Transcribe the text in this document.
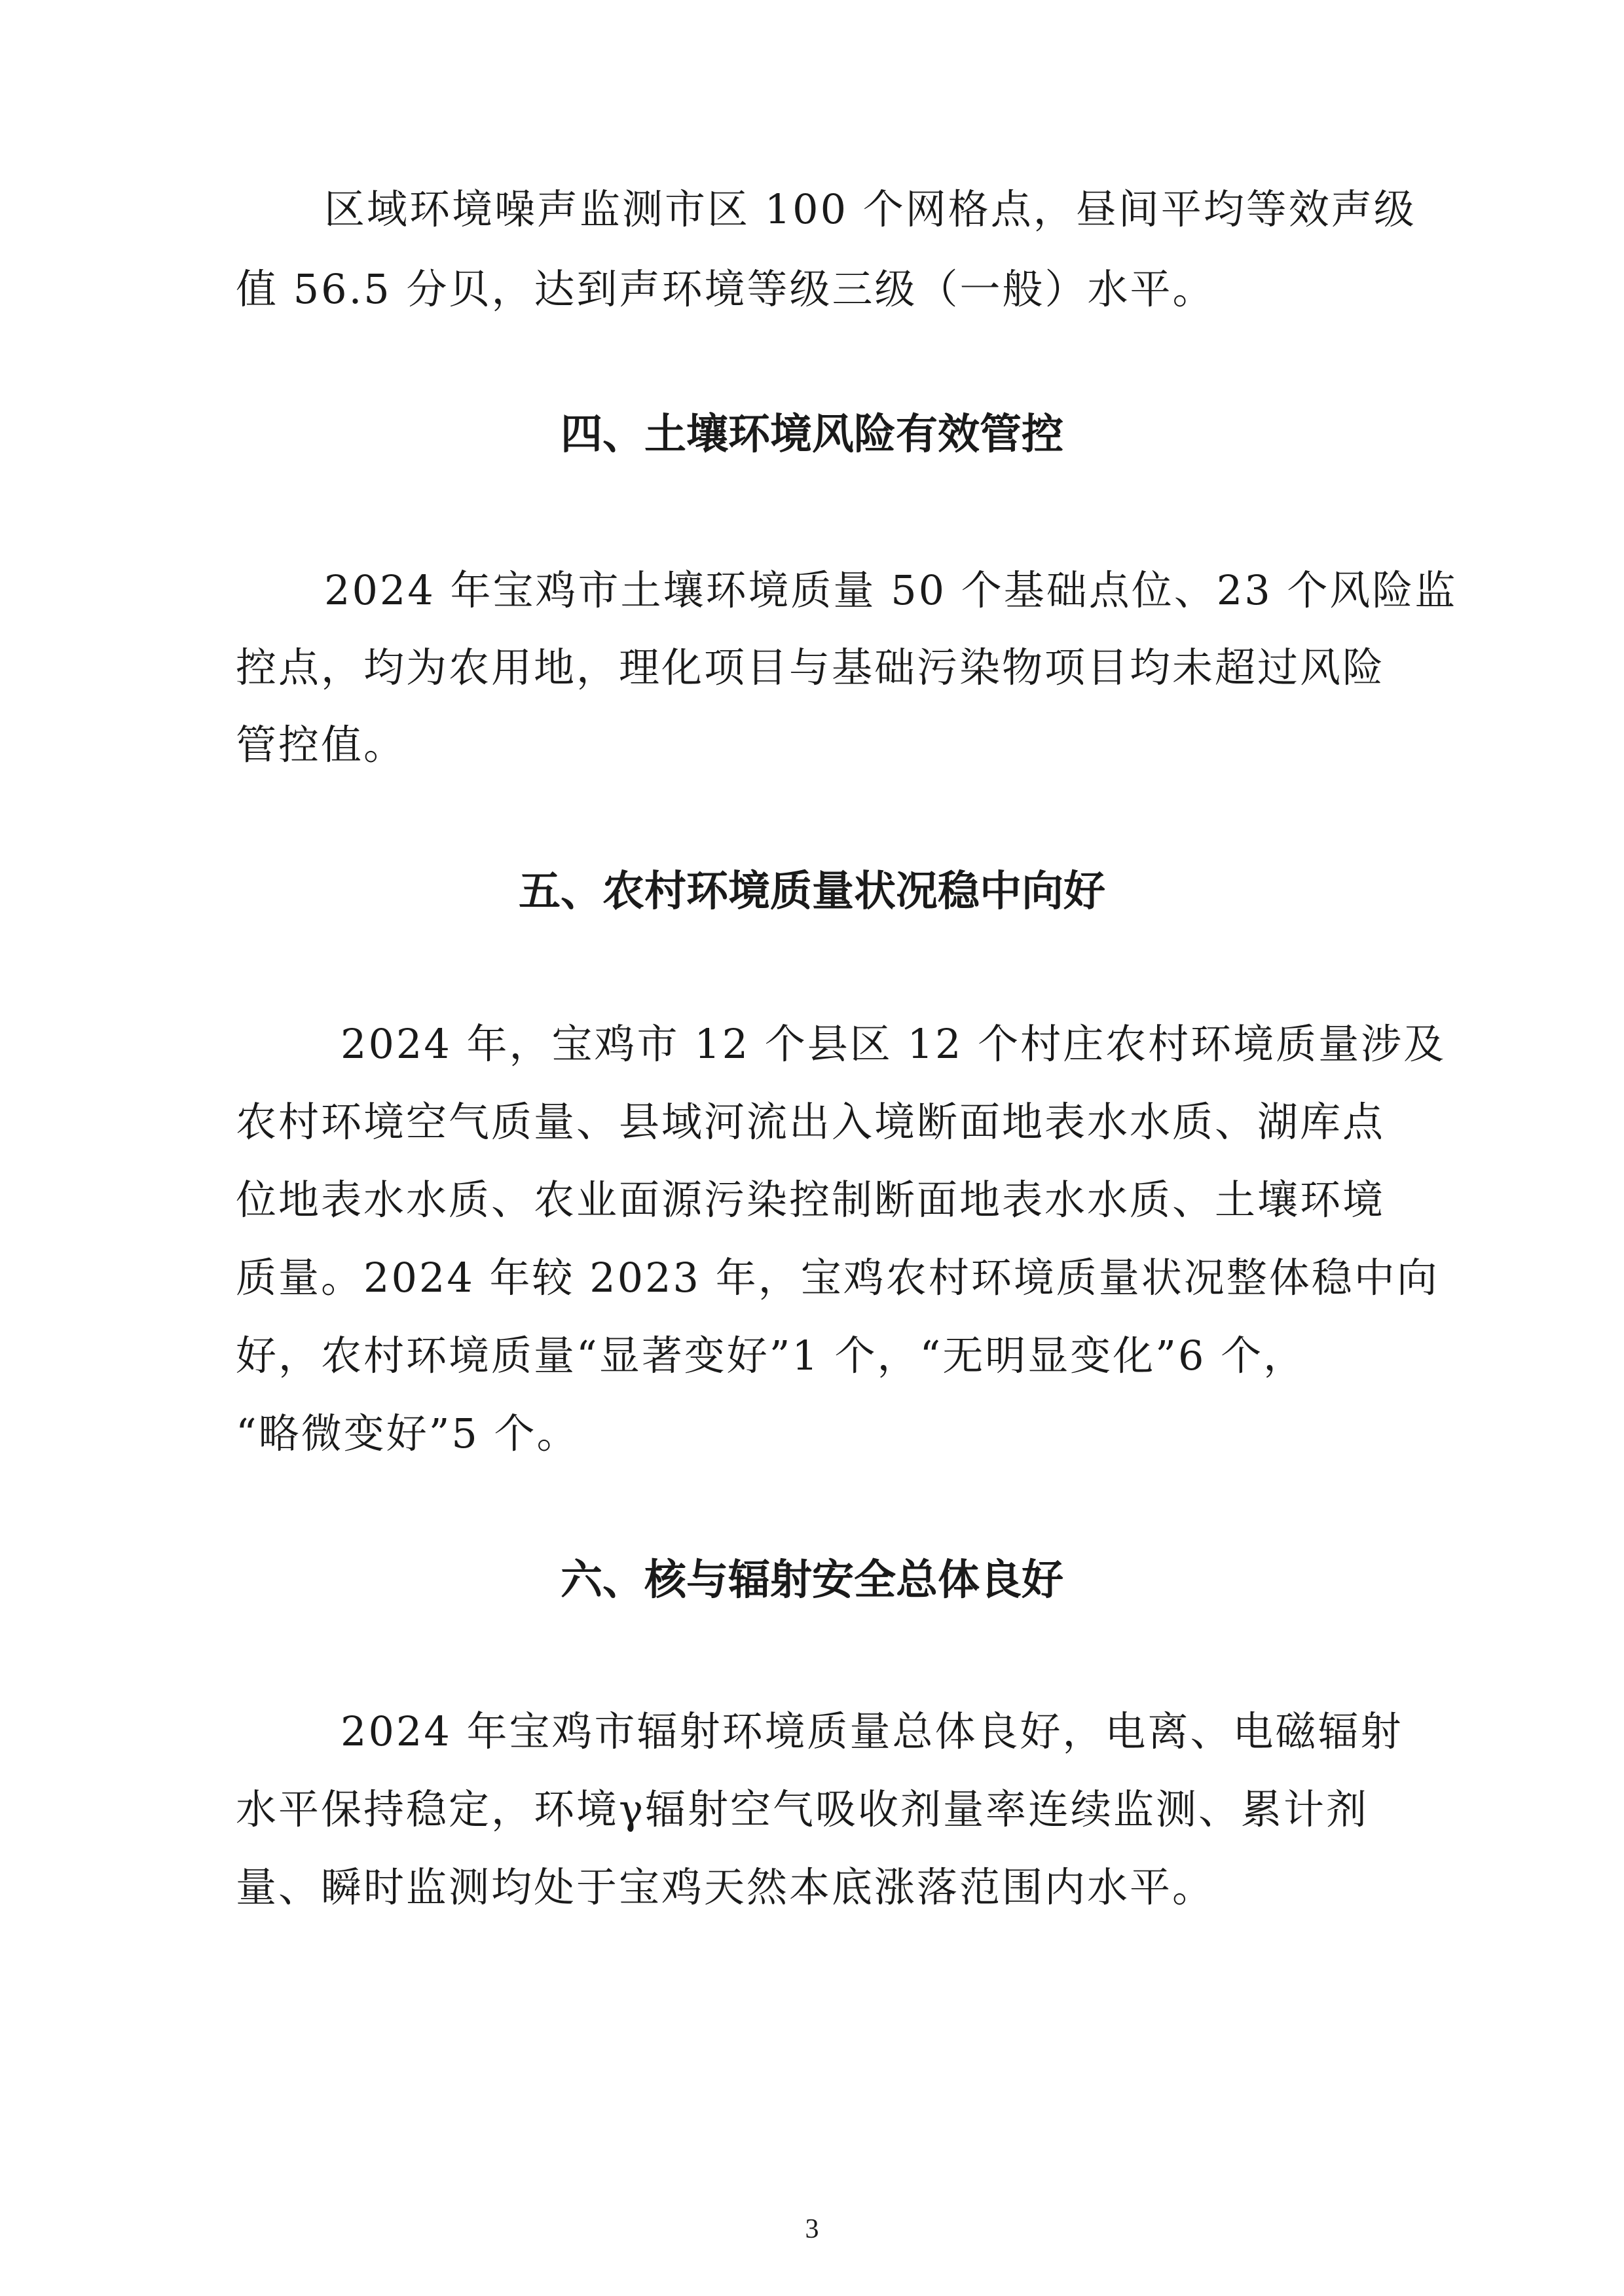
区域环境噪声监测市区 100 个网格点，昼间平均等效声级
值 56.5 分贝，达到声环境等级三级（一般）水平。
四、土壤环境风险有效管控
2024 年宝鸡市土壤环境质量 50 个基础点位、23 个风险监
控点，均为农用地，理化项目与基础污染物项目均未超过风险
管控值。
五、农村环境质量状况稳中向好
2024 年，宝鸡市 12 个县区 12 个村庄农村环境质量涉及
农村环境空气质量、县域河流出入境断面地表水水质、湖库点
位地表水水质、农业面源污染控制断面地表水水质、土壤环境
质量。2024 年较 2023 年，宝鸡农村环境质量状况整体稳中向
好，农村环境质量“显著变好”1 个，“无明显变化”6 个，
“略微变好”5 个。
六、核与辐射安全总体良好
2024 年宝鸡市辐射环境质量总体良好，电离、电磁辐射
水平保持稳定，环境γ辐射空气吸收剂量率连续监测、累计剂
量、瞬时监测均处于宝鸡天然本底涨落范围内水平。
3
